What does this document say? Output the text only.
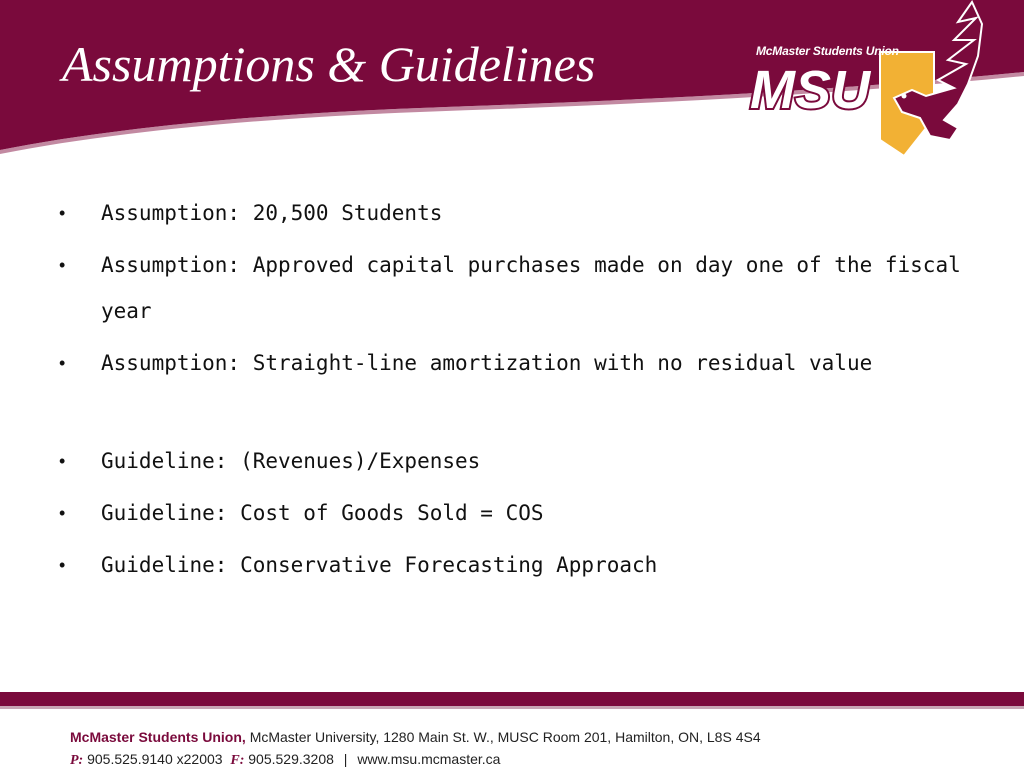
Assumptions & Guidelines	MSU
McMaster Students Union
• Assumption: 20,500 Students
• Assumption: Approved capital purchases made on day one of the fiscal year
• Assumption: Straight-line amortization with no residual value
• Guideline: (Revenues)/Expenses
• Guideline: Cost of Goods Sold = COS
• Guideline: Conservative Forecasting Approach
McMaster Students Union, McMaster University, 1280 Main St. W., MUSC Room 201, Hamilton, ON, L8S 4S4
P: 905.525.9140 x22003 F: 905.529.3208 | www.msu.mcmaster.ca
